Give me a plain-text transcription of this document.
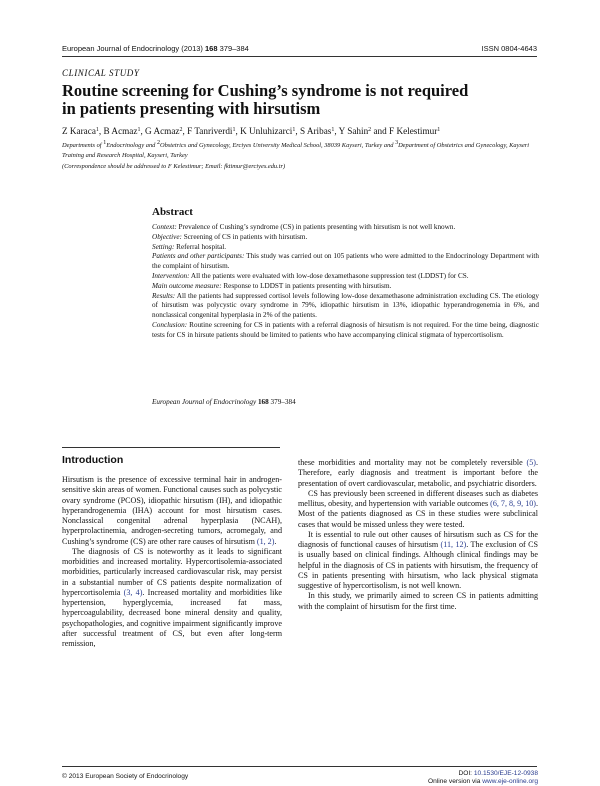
European Journal of Endocrinology (2013) 168 379–384	ISSN 0804-4643
CLINICAL STUDY
Routine screening for Cushing’s syndrome is not required
in patients presenting with hirsutism
Z Karaca$^1$, B Acmaz$^1$, G Acmaz$^2$, F Tanriverdi$^1$, K Unluhizarci$^1$, S Aribas$^1$, Y Sahin$^2$ and F Kelestimur$^1$
Departments of $^1$Endocrinology and $^2$Obstetrics and Gynecology, Erciyes University Medical School, 38039 Kayseri, Turkey and $^3$Department of Obstetrics and Gynecology, Kayseri Training and Research Hospital, Kayseri, Turkey
(Correspondence should be addressed to F Kelestimur; Email: fktimur@erciyes.edu.tr)
Abstract

Context: Prevalence of Cushing’s syndrome (CS) in patients presenting with hirsutism is not well known.

Objective: Screening of CS in patients with hirsutism.

Setting: Referral hospital.

Patients and other participants: This study was carried out on 105 patients who were admitted to the Endocrinology Department with the complaint of hirsutism.

Intervention: All the patients were evaluated with low-dose dexamethasone suppression test (LDDST) for CS.

Main outcome measure: Response to LDDST in patients presenting with hirsutism.

Results: All the patients had suppressed cortisol levels following low-dose dexamethasone administration excluding CS. The etiology of hirsutism was polycystic ovary syndrome in 79%, idiopathic hirsutism in 13%, idiopathic hyperandrogenemia in 6%, and nonclassical congenital hyperplasia in 2% of the patients.

Conclusion: Routine screening for CS in patients with a referral diagnosis of hirsutism is not required. For the time being, diagnostic tests for CS in hirsute patients should be limited to patients who have accompanying clinical stigmata of hypercortisolism.

European Journal of Endocrinology 168 379–384
Introduction

Hirsutism is the presence of excessive terminal hair in androgen-sensitive skin areas of women. Functional causes such as polycystic ovary syndrome (PCOS), idiopathic hirsutism (IH), and idiopathic hyperandrogenemia (IHA) account for most hirsutism cases. Nonclassical congenital adrenal hyperplasia (NCAH), hyperprolactinemia, androgen-secreting tumors, acromegaly, and Cushing’s syndrome (CS) are other rare causes of hirsutism (1, 2).

The diagnosis of CS is noteworthy as it leads to significant morbidities and increased mortality. Hypercortisolemia-associated morbidities, particularly increased cardiovascular risk, may persist in a substantial number of CS patients despite normalization of hypercortisolemia (3, 4). Increased mortality and morbidities like hypertension, hyperglycemia, increased fat mass, hypercoagulability, decreased bone mineral density and quality, psychopathologies, and cognitive impairment significantly improve after successful treatment of CS, but even after long-term remission,

these morbidities and mortality may not be completely reversible (5). Therefore, early diagnosis and treatment is important before the presentation of overt cardiovascular, metabolic, and psychiatric disorders.

CS has previously been screened in different diseases such as diabetes mellitus, obesity, and hypertension with variable outcomes (6, 7, 8, 9, 10). Most of the patients diagnosed as CS in these studies were subclinical cases that would be missed unless they were tested.

It is essential to rule out other causes of hirsutism such as CS for the diagnosis of functional causes of hirsutism (11, 12). The exclusion of CS is usually based on clinical findings. Although clinical findings may be helpful in the diagnosis of CS in patients with hirsutism, the frequency of CS in patients presenting with hirsutism, who lack physical stigmata suggestive of hypercortisolism, is not well known.

In this study, we primarily aimed to screen CS in patients admitting with the complaint of hirsutism for the first time.

© 2013 European Society of Endocrinology	DOI: 10.1530/EJE-12-0938
Online version via www.eje-online.org
